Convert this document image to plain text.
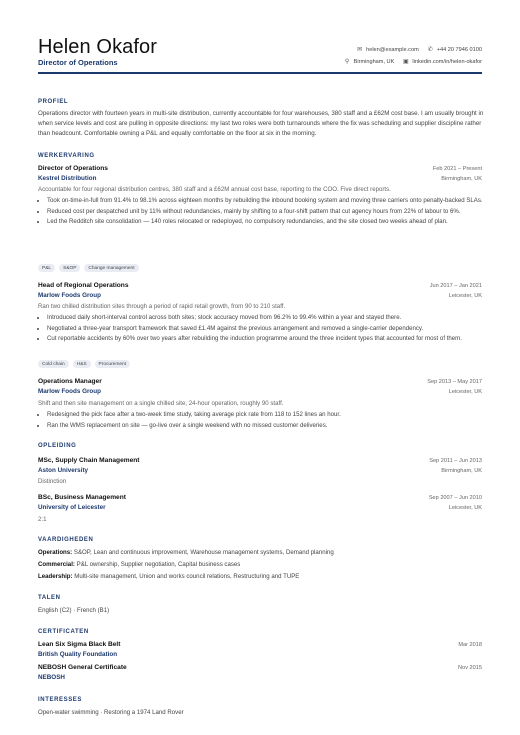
Helen Okafor
Director of Operations
✉ helen@example.com ✆ +44 20 7946 0100
⚲ Birmingham, UK ▣ linkedin.com/in/helen-okafor
PROFIEL
Operations director with fourteen years in multi-site distribution, currently accountable for four warehouses, 380 staff and a £62M cost base. I am usually brought in when service levels and cost are pulling in opposite directions: my last two roles were both turnarounds where the fix was scheduling and supplier discipline rather than headcount. Comfortable owning a P&L and equally comfortable on the floor at six in the morning.
WERKERVARING
Director of Operations	Feb 2021 – Present
Kestrel Distribution	Birmingham, UK
Accountable for four regional distribution centres, 380 staff and a £62M annual cost base, reporting to the COO. Five direct reports.
• Took on-time-in-full from 91.4% to 98.1% across eighteen months by rebuilding the inbound booking system and moving three carriers onto penalty-backed SLAs.
• Reduced cost per despatched unit by 11% without redundancies, mainly by shifting to a four-shift pattern that cut agency hours from 22% of labour to 6%.
• Led the Redditch site consolidation — 140 roles relocated or redeployed, no compulsory redundancies, and the site closed two weeks ahead of plan.
P&L	S&OP	Change management
Head of Regional Operations	Jun 2017 – Jan 2021
Marlow Foods Group	Leicester, UK
Ran two chilled distribution sites through a period of rapid retail growth, from 90 to 210 staff.
• Introduced daily short-interval control across both sites; stock accuracy moved from 96.2% to 99.4% within a year and stayed there.
• Negotiated a three-year transport framework that saved £1.4M against the previous arrangement and removed a single-carrier dependency.
• Cut reportable accidents by 60% over two years after rebuilding the induction programme around the three incident types that accounted for most of them.
Cold chain	H&S	Procurement
Operations Manager	Sep 2013 – May 2017
Marlow Foods Group	Leicester, UK
Shift and then site management on a single chilled site, 24-hour operation, roughly 90 staff.
• Redesigned the pick face after a two-week time study, taking average pick rate from 118 to 152 lines an hour.
• Ran the WMS replacement on site — go-live over a single weekend with no missed customer deliveries.
OPLEIDING
MSc, Supply Chain Management	Sep 2011 – Jun 2013
Aston University	Birmingham, UK
Distinction
BSc, Business Management	Sep 2007 – Jun 2010
University of Leicester	Leicester, UK
2:1
VAARDIGHEDEN
Operations: S&OP, Lean and continuous improvement, Warehouse management systems, Demand planning
Commercial: P&L ownership, Supplier negotiation, Capital business cases
Leadership: Multi-site management, Union and works council relations, Restructuring and TUPE
TALEN
English (C2) · French (B1)
CERTIFICATEN
Lean Six Sigma Black Belt	Mar 2018
British Quality Foundation
NEBOSH General Certificate	Nov 2015
NEBOSH
INTERESSES
Open-water swimming · Restoring a 1974 Land Rover
